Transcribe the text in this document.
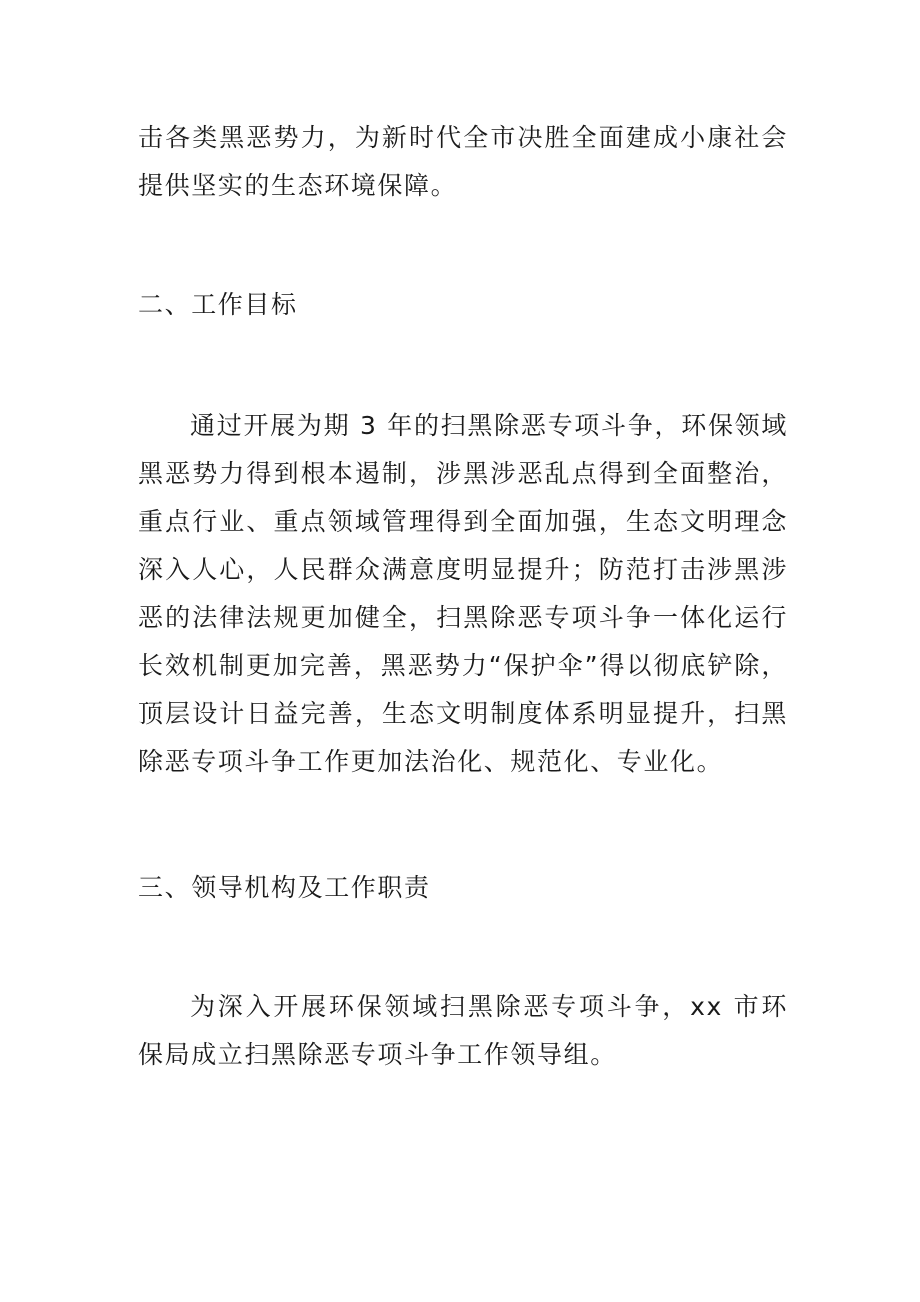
击各类黑恶势力，为新时代全市决胜全面建成小康社会提供坚实的生态环境保障。

二、工作目标

通过开展为期 3 年的扫黑除恶专项斗争，环保领域黑恶势力得到根本遏制，涉黑涉恶乱点得到全面整治，重点行业、重点领域管理得到全面加强，生态文明理念深入人心，人民群众满意度明显提升；防范打击涉黑涉恶的法律法规更加健全，扫黑除恶专项斗争一体化运行长效机制更加完善，黑恶势力“保护伞”得以彻底铲除，顶层设计日益完善，生态文明制度体系明显提升，扫黑除恶专项斗争工作更加法治化、规范化、专业化。

三、领导机构及工作职责

为深入开展环保领域扫黑除恶专项斗争，xx 市环保局成立扫黑除恶专项斗争工作领导组。
